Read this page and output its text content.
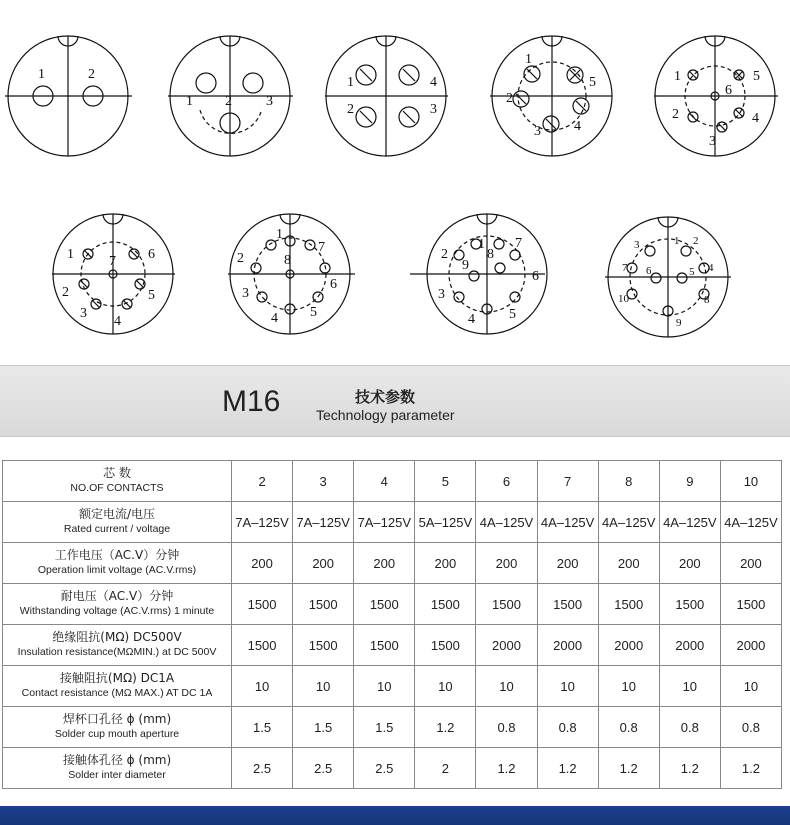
1	2
1 2 3
1
2	3
4
1
2
3 4
5	1
2
3
4
5
6
1
2
3
4
5
6
7
1
2
3
4 5
6
7
8
1
2
3
4 5
6
7
8
9
1 2
3
4
5
6
7
8
9
10
M16	技术参数
Technology parameter
芯 数
NO.OF CONTACTS	2	3	4	5	6	7	8	9	10

额定电流/电压
Rated current / voltage	7A–125V	7A–125V	7A–125V	5A–125V	4A–125V	4A–125V	4A–125V	4A–125V	4A–125V

工作电压（AC.V）分钟
Operation limit voltage (AC.V.rms)	200	200	200	200	200	200	200	200	200

耐电压（AC.V）分钟
Withstanding voltage (AC.V.rms) 1 minute	1500	1500	1500	1500	1500	1500	1500	1500	1500

绝缘阻抗(MΩ) DC500V
Insulation resistance(MΩMIN.) at DC 500V	1500	1500	1500	1500	2000	2000	2000	2000	2000

接触阻抗(MΩ) DC1A
Contact resistance (MΩ MAX.) AT DC 1A	10	10	10	10	10	10	10	10	10

焊杯口孔径 ϕ (mm)
Solder cup mouth aperture	1.5	1.5	1.5	1.2	0.8	0.8	0.8	0.8	0.8

接触体孔径 ϕ (mm)
Solder inter diameter	2.5	2.5	2.5	2	1.2	1.2	1.2	1.2	1.2
